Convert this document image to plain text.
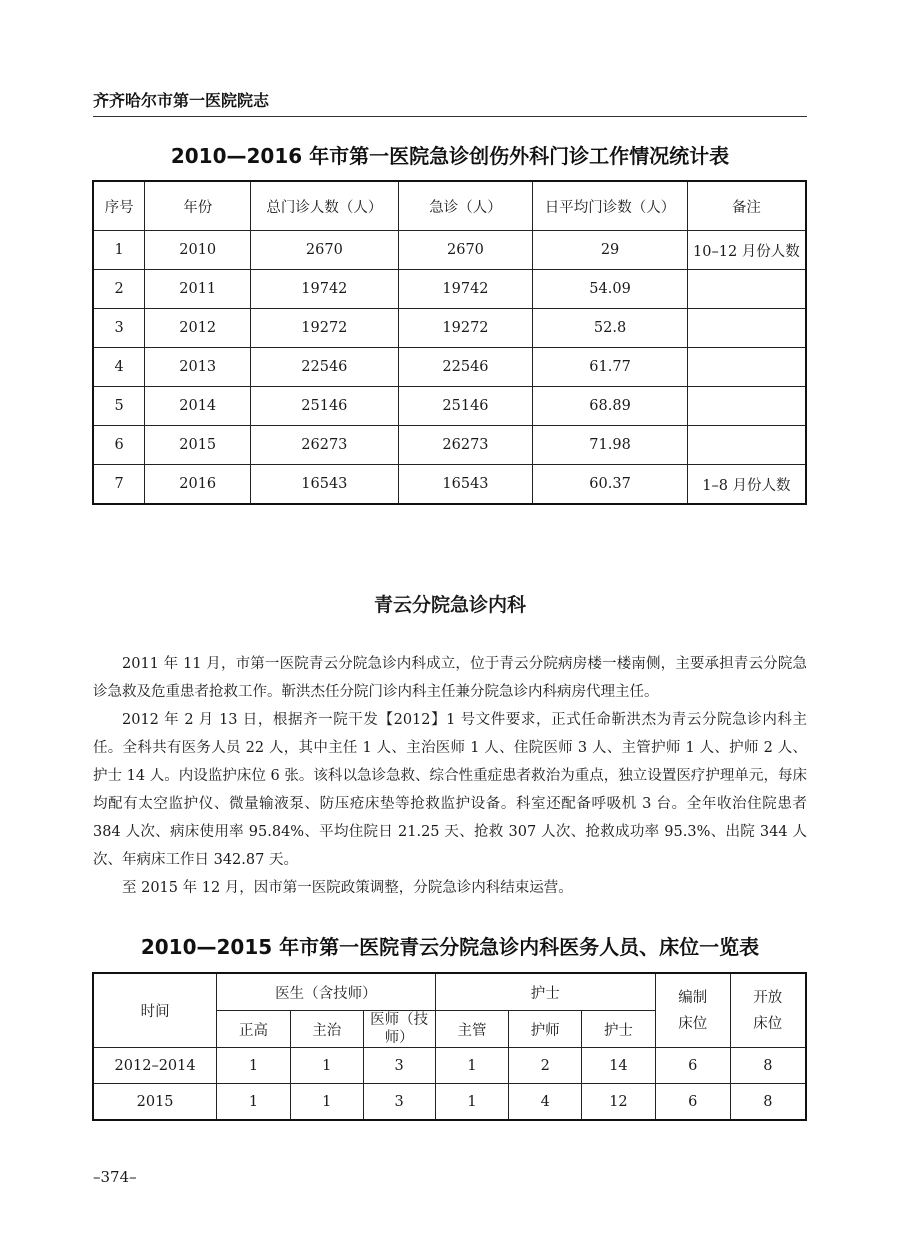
齐齐哈尔市第一医院院志
2010—2016 年市第一医院急诊创伤外科门诊工作情况统计表
序号	年份	总门诊人数（人）	急诊（人）	日平均门诊数（人）	备注
1	2010	2670	2670	29	10–12 月份人数
2	2011	19742	19742	54.09	
3	2012	19272	19272	52.8	
4	2013	22546	22546	61.77	
5	2014	25146	25146	68.89	
6	2015	26273	26273	71.98	
7	2016	16543	16543	60.37	1–8 月份人数
青云分院急诊内科

2011 年 11 月，市第一医院青云分院急诊内科成立，位于青云分院病房楼一楼南侧，主要承担青云分院急诊急救及危重患者抢救工作。靳洪杰任分院门诊内科主任兼分院急诊内科病房代理主任。

2012 年 2 月 13 日，根据齐一院干发【2012】1 号文件要求，正式任命靳洪杰为青云分院急诊内科主任。全科共有医务人员 22 人，其中主任 1 人、主治医师 1 人、住院医师 3 人、主管护师 1 人、护师 2 人、护士 14 人。内设监护床位 6 张。该科以急诊急救、综合性重症患者救治为重点，独立设置医疗护理单元，每床均配有太空监护仪、微量输液泵、防压疮床垫等抢救监护设备。科室还配备呼吸机 3 台。全年收治住院患者 384 人次、病床使用率 95.84%、平均住院日 21.25 天、抢救 307 人次、抢救成功率 95.3%、出院 344 人次、年病床工作日 342.87 天。

至 2015 年 12 月，因市第一医院政策调整，分院急诊内科结束运营。

2010—2015 年市第一医院青云分院急诊内科医务人员、床位一览表
时间	医生（含技师）			护士			编制床位	开放床位
	正高	主治	医师（技师）	主管	护师	护士		
2012–2014	1	1	3	1	2	14	6	8
2015	1	1	3	1	4	12	6	8
–374–
